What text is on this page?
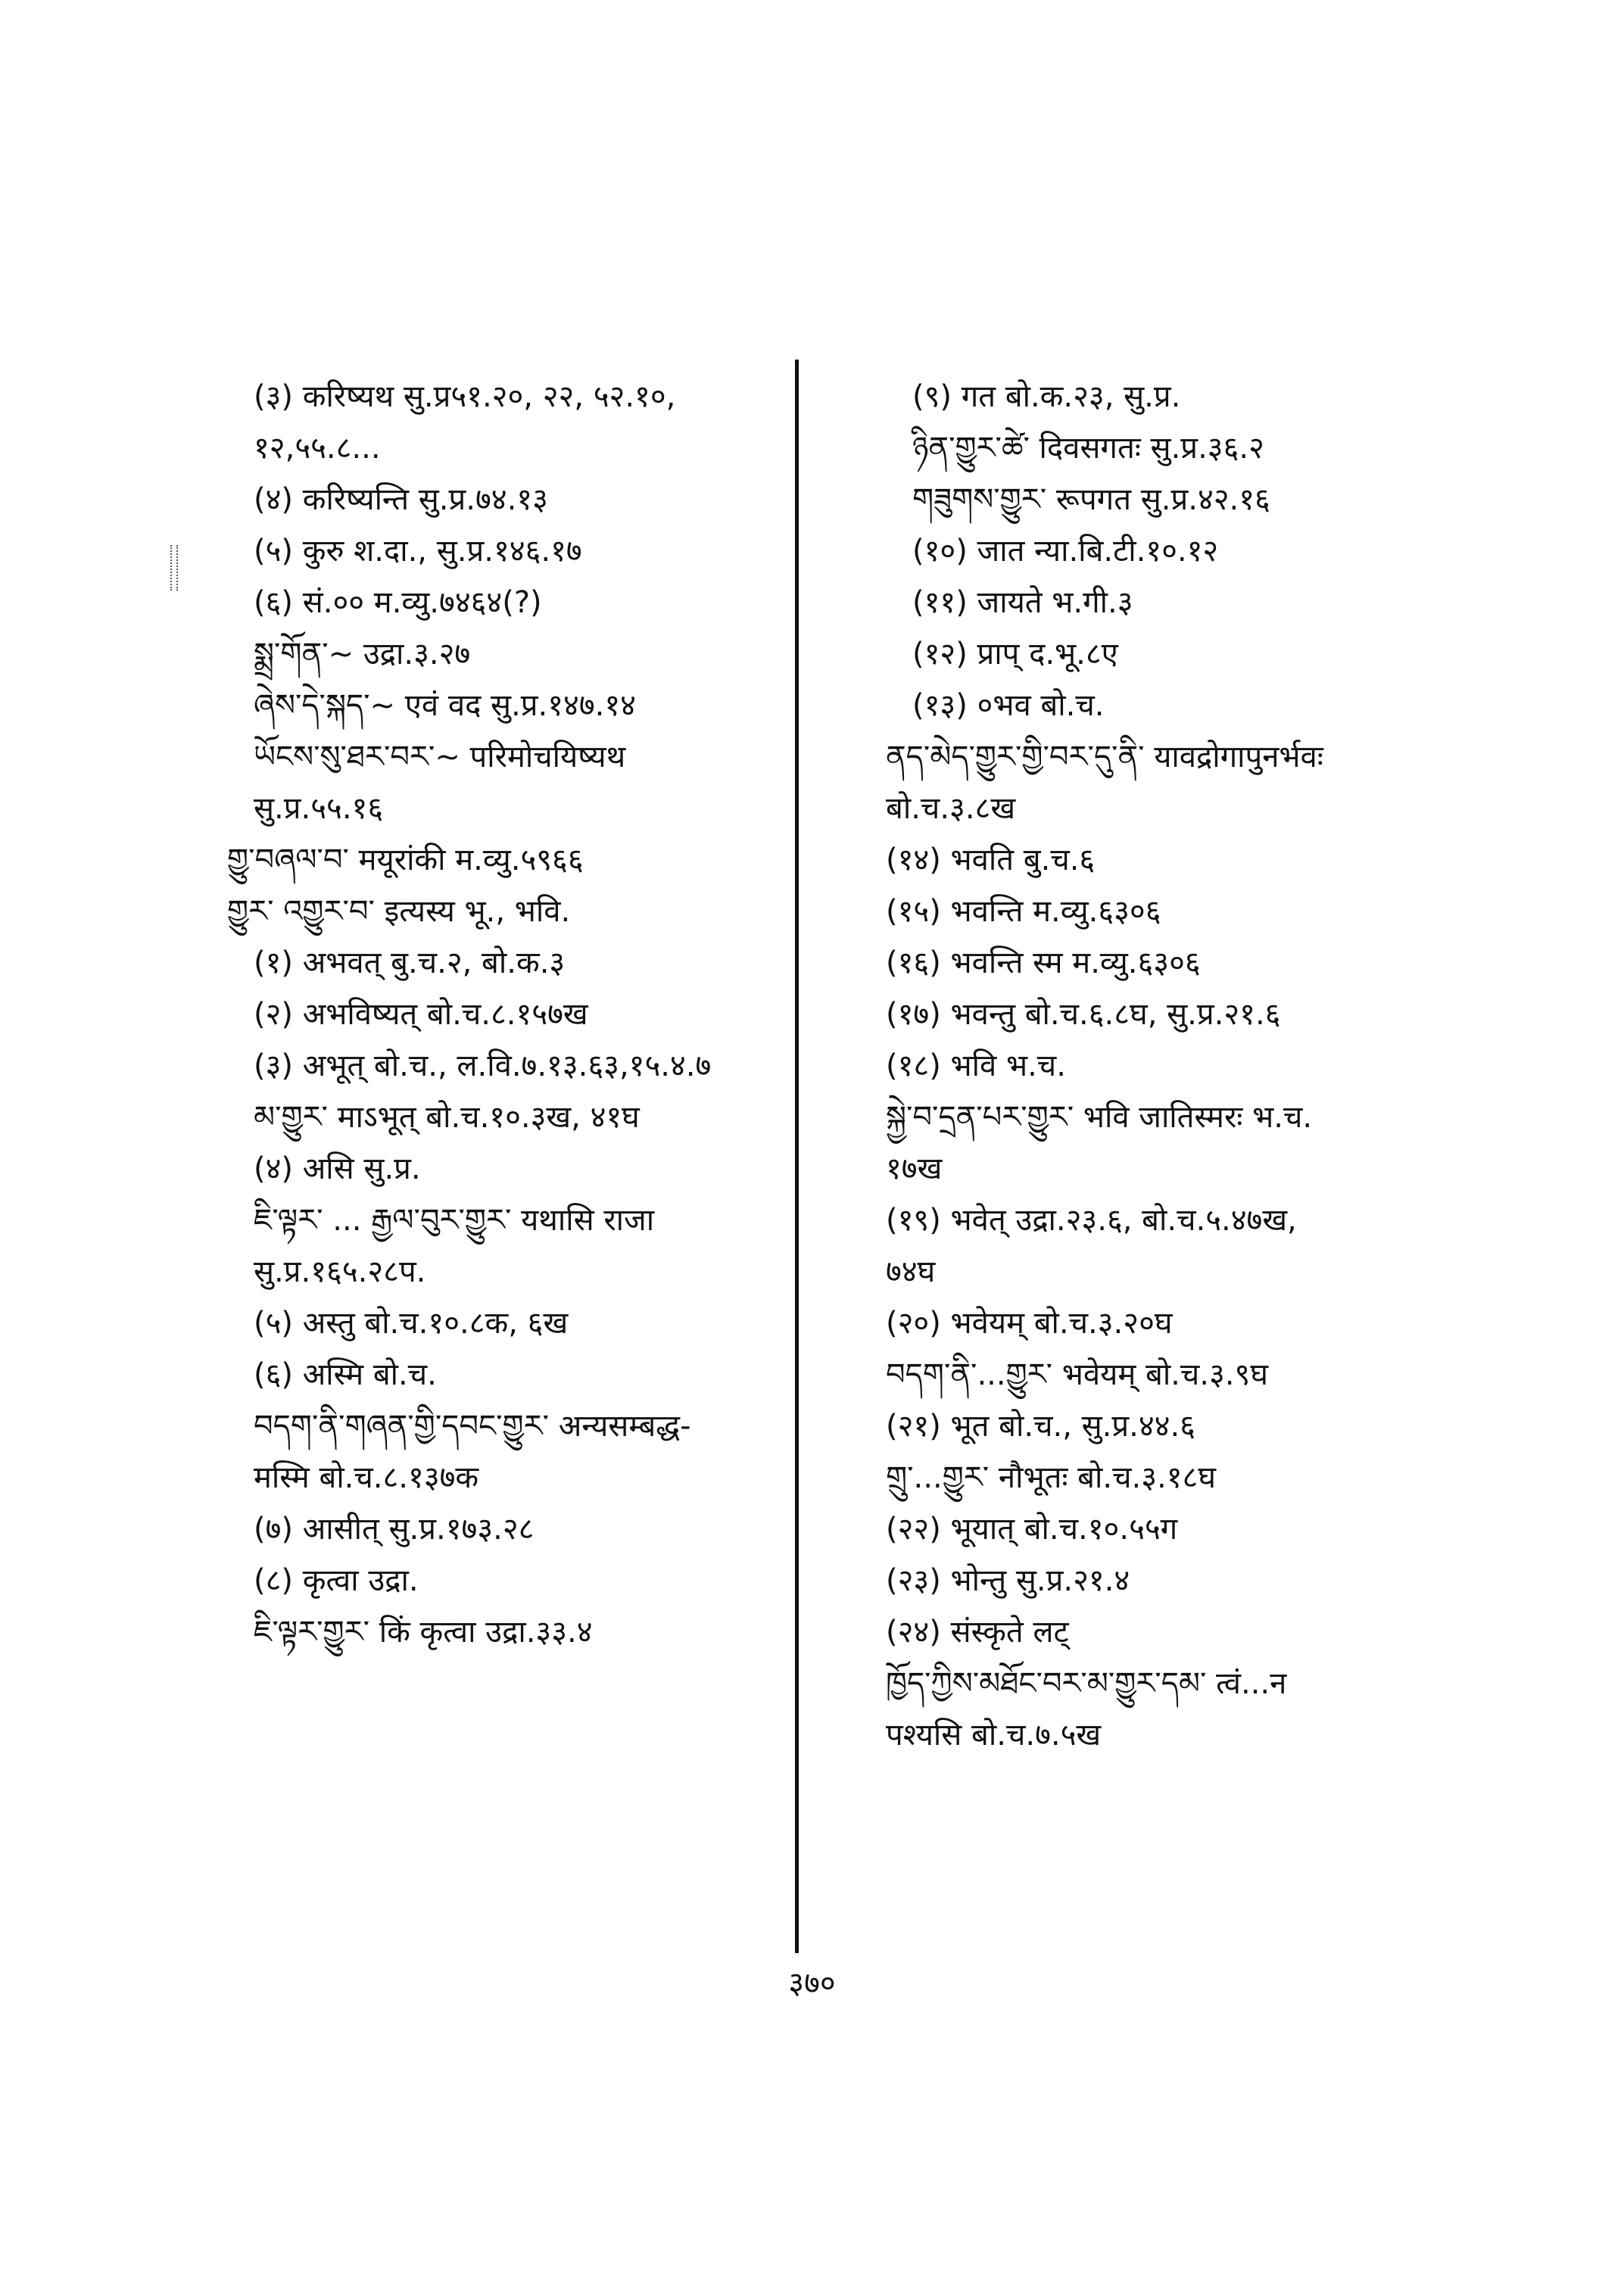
(३) करिष्यथ सु.प्र५१.२०, २२, ५२.१०,
१२,५५.८...
(४) करिष्यन्ति सु.प्र.७४.१३
(५) कुरु श.दा., सु.प्र.१४६.१७
(६) सं.०० म.व्यु.७४६४(?)
སྨྲ་གོན་~ उद्रा.३.२७
ཞེས་དེ་སྐད་~ एवं वद सु.प्र.१४७.१४
ཡོངས་སུ་ཐར་བར་~ परिमोचयिष्यथ
सु.प्र.५५.१६
གྱུ་བཞལ་བ་ मयूरांकी म.व्यु.५९६६
གྱུར་ འགྱུར་བ་ इत्यस्य भू., भवि.
(१) अभवत् बु.च.२, बो.क.३
(२) अभविष्यत् बो.च.८.१५७ख
(३) अभूत् बो.च., ल.वि.७.१३.६३,१५.४.७
མ་གྱུར་ माऽभूत् बो.च.१०.३ख, ४१घ
(४) असि सु.प्र.
ཇི་ལྟར་ ... རྒྱལ་བུར་གྱུར་ यथासि राजा
सु.प्र.१६५.२८प.
(५) अस्तु बो.च.१०.८क, ६ख
(६) अस्मि बो.च.
བདག་ནི་གཞན་གྱི་དབང་གྱུར་ अन्यसम्बद्ध-
मस्मि बो.च.८.१३७क
(७) आसीत् सु.प्र.१७३.२८
(८) कृत्वा उद्रा.
ཇི་ལྟར་གྱུར་ किं कृत्वा उद्रा.३३.४
(९) गत बो.क.२३, सु.प्र.
ཉིན་གྱུར་ཚེ་ दिवसगतः सु.प्र.३६.२
གཟུགས་གྱུར་ रूपगत सु.प्र.४२.१६
(१०) जात न्या.बि.टी.१०.१२
(११) जायते भ.गी.३
(१२) प्राप् द.भू.८ए
(१३) ०भव बो.च.
ནད་མེད་གྱུར་གྱི་བར་དུ་ནི་ यावद्रोगापुनर्भवः
बो.च.३.८ख
(१४) भवति बु.च.६
(१५) भवन्ति म.व्यु.६३०६
(१६) भवन्ति स्म म.व्यु.६३०६
(१७) भवन्तु बो.च.६.८घ, सु.प्र.२१.६
(१८) भवि भ.च.
སྐྱེ་བ་དྲན་པར་གྱུར་ भवि जातिस्मरः भ.च.
१७ख
(१९) भवेत् उद्रा.२३.६, बो.च.५.४७ख,
७४घ
(२०) भवेयम् बो.च.३.२०घ
བདག་ནི་...གྱུར་ भवेयम् बो.च.३.९घ
(२१) भूत बो.च., सु.प्र.४४.६
གྲུ་...གྱུར་ नौभूतः बो.च.३.१८घ
(२२) भूयात् बो.च.१०.५५ग
(२३) भोन्तु सु.प्र.२१.४
(२४) संस्कृते लट्
ཁྱོད་ཀྱིས་མཐོང་བར་མ་གྱུར་དམ་ त्वं...न
पश्यसि बो.च.७.५ख
३७०
